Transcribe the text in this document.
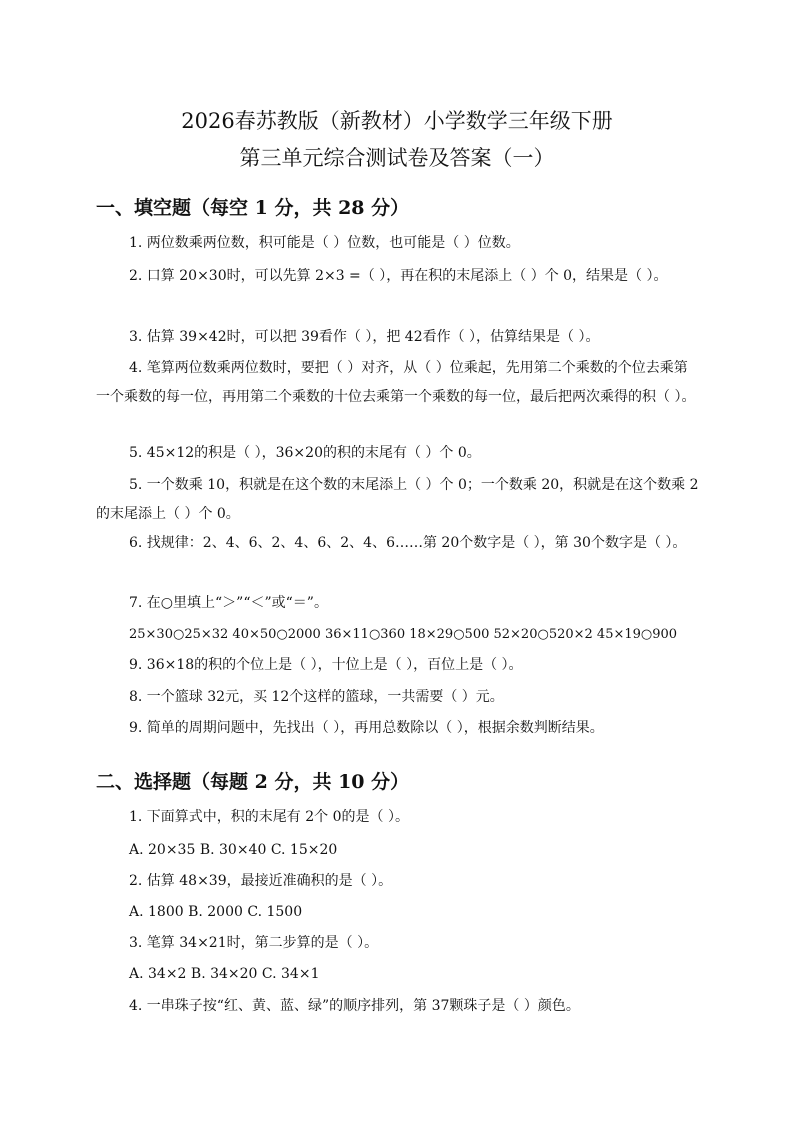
2026春苏教版（新教材）小学数学三年级下册
第三单元综合测试卷及答案（一）
一、填空题（每空 1 分，共 28 分）

1. 两位数乘两位数，积可能是（ ）位数，也可能是（ ）位数。

2. 口算 20×30时，可以先算 2×3 =（ ），再在积的末尾添上（ ）个 0，结果是（ ）。

3. 估算 39×42时，可以把 39看作（ ），把 42看作（ ），估算结果是（ ）。

4. 笔算两位数乘两位数时，要把（ ）对齐，从（ ）位乘起，先用第二个乘数的个位去乘第一个乘数的每一位，再用第二个乘数的十位去乘第一个乘数的每一位，最后把两次乘得的积（ ）。

5. 45×12的积是（ ），36×20的积的末尾有（ ）个 0。

5. 一个数乘 10，积就是在这个数的末尾添上（ ）个 0；一个数乘 20，积就是在这个数乘 2的末尾添上（ ）个 0。

6. 找规律：2、4、6、2、4、6、2、4、6……第 20个数字是（ ），第 30个数字是（ ）。

7. 在○里填上“＞”“＜”或“＝”。

25×30○25×32 40×50○2000 36×11○360 18×29○500 52×20○520×2 45×19○900

9. 36×18的积的个位上是（ ），十位上是（ ），百位上是（ ）。

8. 一个篮球 32元，买 12个这样的篮球，一共需要（ ）元。

9. 简单的周期问题中，先找出（ ），再用总数除以（ ），根据余数判断结果。

二、选择题（每题 2 分，共 10 分）

1. 下面算式中，积的末尾有 2个 0的是（ ）。

A. 20×35 B. 30×40 C. 15×20

2. 估算 48×39，最接近准确积的是（ ）。

A. 1800 B. 2000 C. 1500

3. 笔算 34×21时，第二步算的是（ ）。

A. 34×2 B. 34×20 C. 34×1

4. 一串珠子按“红、黄、蓝、绿”的顺序排列，第 37颗珠子是（ ）颜色。
